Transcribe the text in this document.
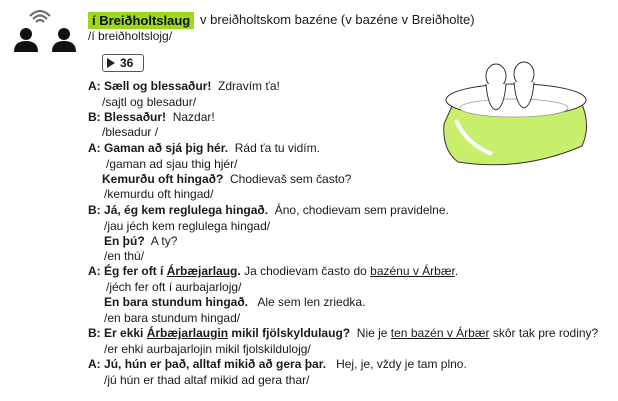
í Breiðholtslaug v breiðholtskom bazéne (v bazéne v Breiðholte)
/í breiðholtslojg/
36
A: Sæll og blessaður! Zdravím ťa!
/sajtl og blesadur/
B: Blessaður! Nazdar!
/blesadur /
A: Gaman að sjá þig hér. Rád ťa tu vidím.
/gaman ad sjau thig hjér/
Kemurðu oft hingað? Chodievaš sem často?
/kemurdu oft hingad/
B: Já, ég kem reglulega hingað. Áno, chodievam sem pravidelne.
/jau jéch kem reglulega hingad/
En þú? A ty?
/en thú/
A: Ég fer oft í Árbæjarlaug. Ja chodievam často do bazénu v Árbær.
/jéch fer oft í aurbajarlojg/
En bara stundum hingað. Ale sem len zriedka.
/en bara stundum hingad/
B: Er ekki Árbæjarlaugin mikil fjölskyldulaug? Nie je ten bazén v Árbær skôr tak pre rodiny?
/er ehki aurbajarlojin mikil fjolskildulojg/
A: Jú, hún er það, alltaf mikið að gera þar. Hej, je, vždy je tam plno.
/jú hún er thad altaf mikid ad gera thar/
